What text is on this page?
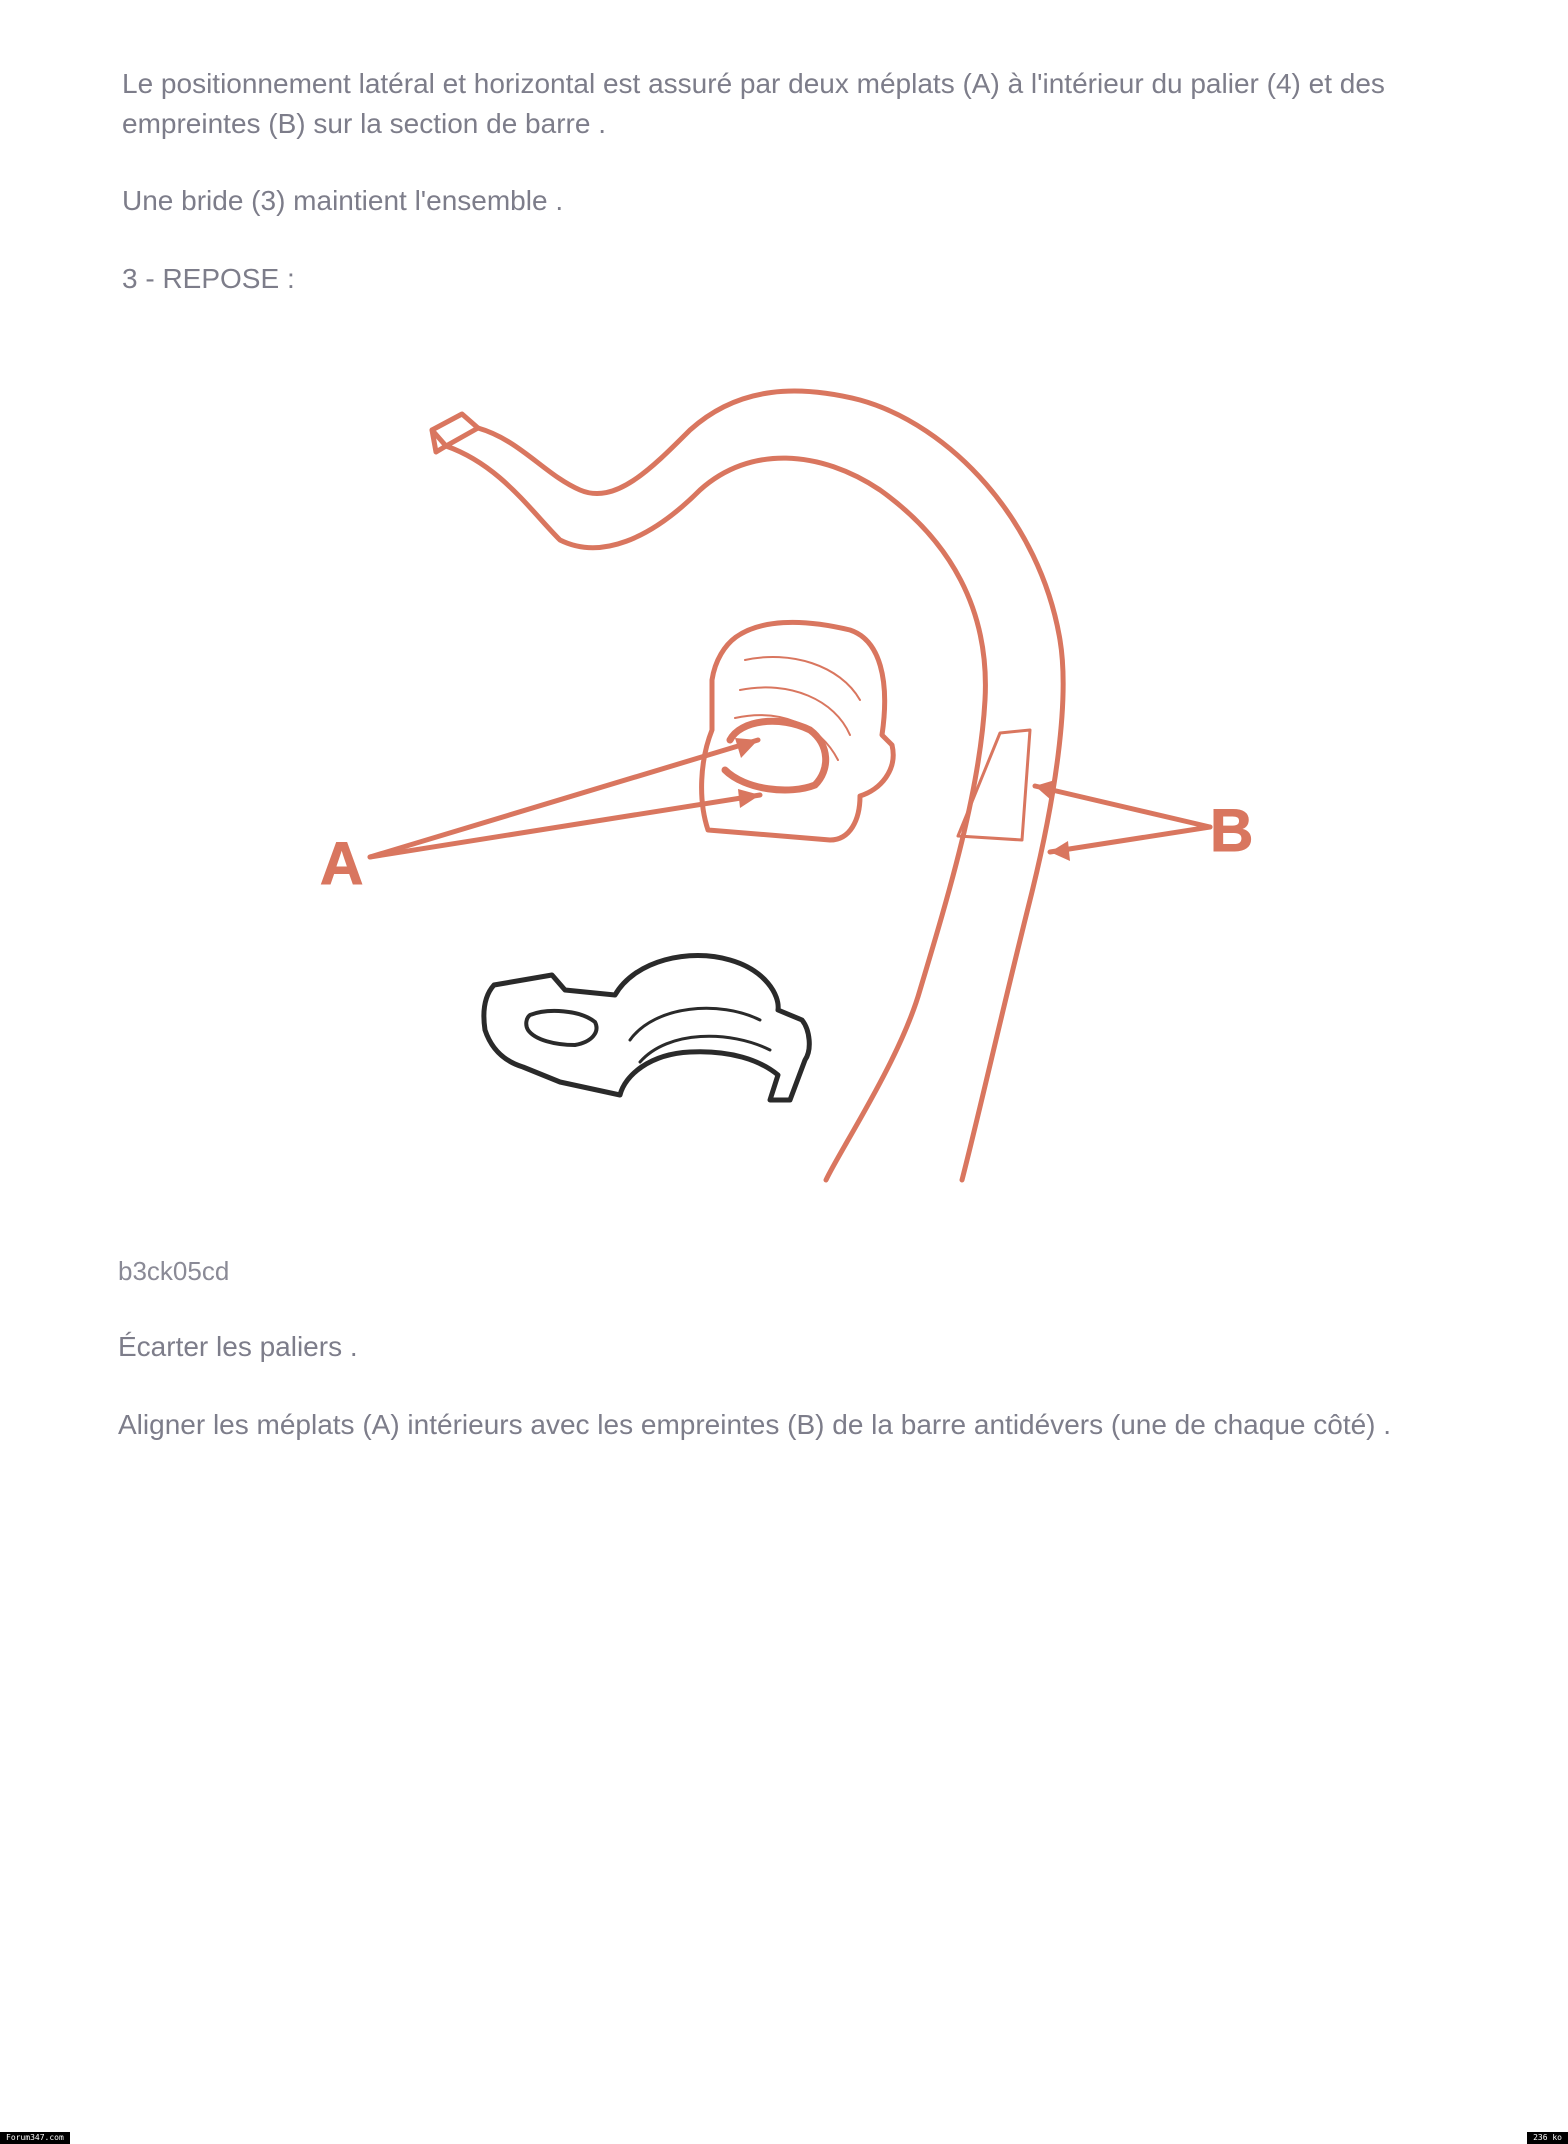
Le positionnement latéral et horizontal est assuré par deux méplats (A) à l'intérieur du palier (4) et des empreintes (B) sur la section de barre .

Une bride (3) maintient l'ensemble .

3 - REPOSE :

A	B

b3ck05cd

Écarter les paliers .

Aligner les méplats (A) intérieurs avec les empreintes (B) de la barre antidévers (une de chaque côté) .

Forum347.com	236 ko
